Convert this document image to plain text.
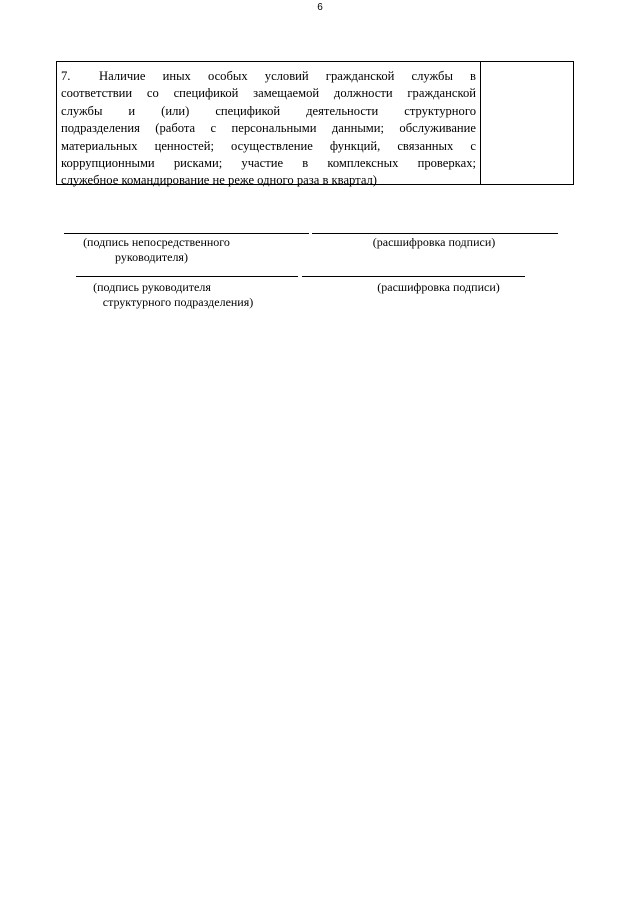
6
7. Наличие иных особых условий гражданской службы в
соответствии со спецификой замещаемой должности гражданской
службы и (или) спецификой деятельности структурного
подразделения (работа с персональными данными; обслуживание
материальных ценностей; осуществление функций, связанных с
коррупционными рисками; участие в комплексных проверках;
служебное командирование не реже одного раза в квартал)
(подпись непосредственного
руководителя)
(расшифровка подписи)
(подпись руководителя
структурного подразделения)
(расшифровка подписи)
